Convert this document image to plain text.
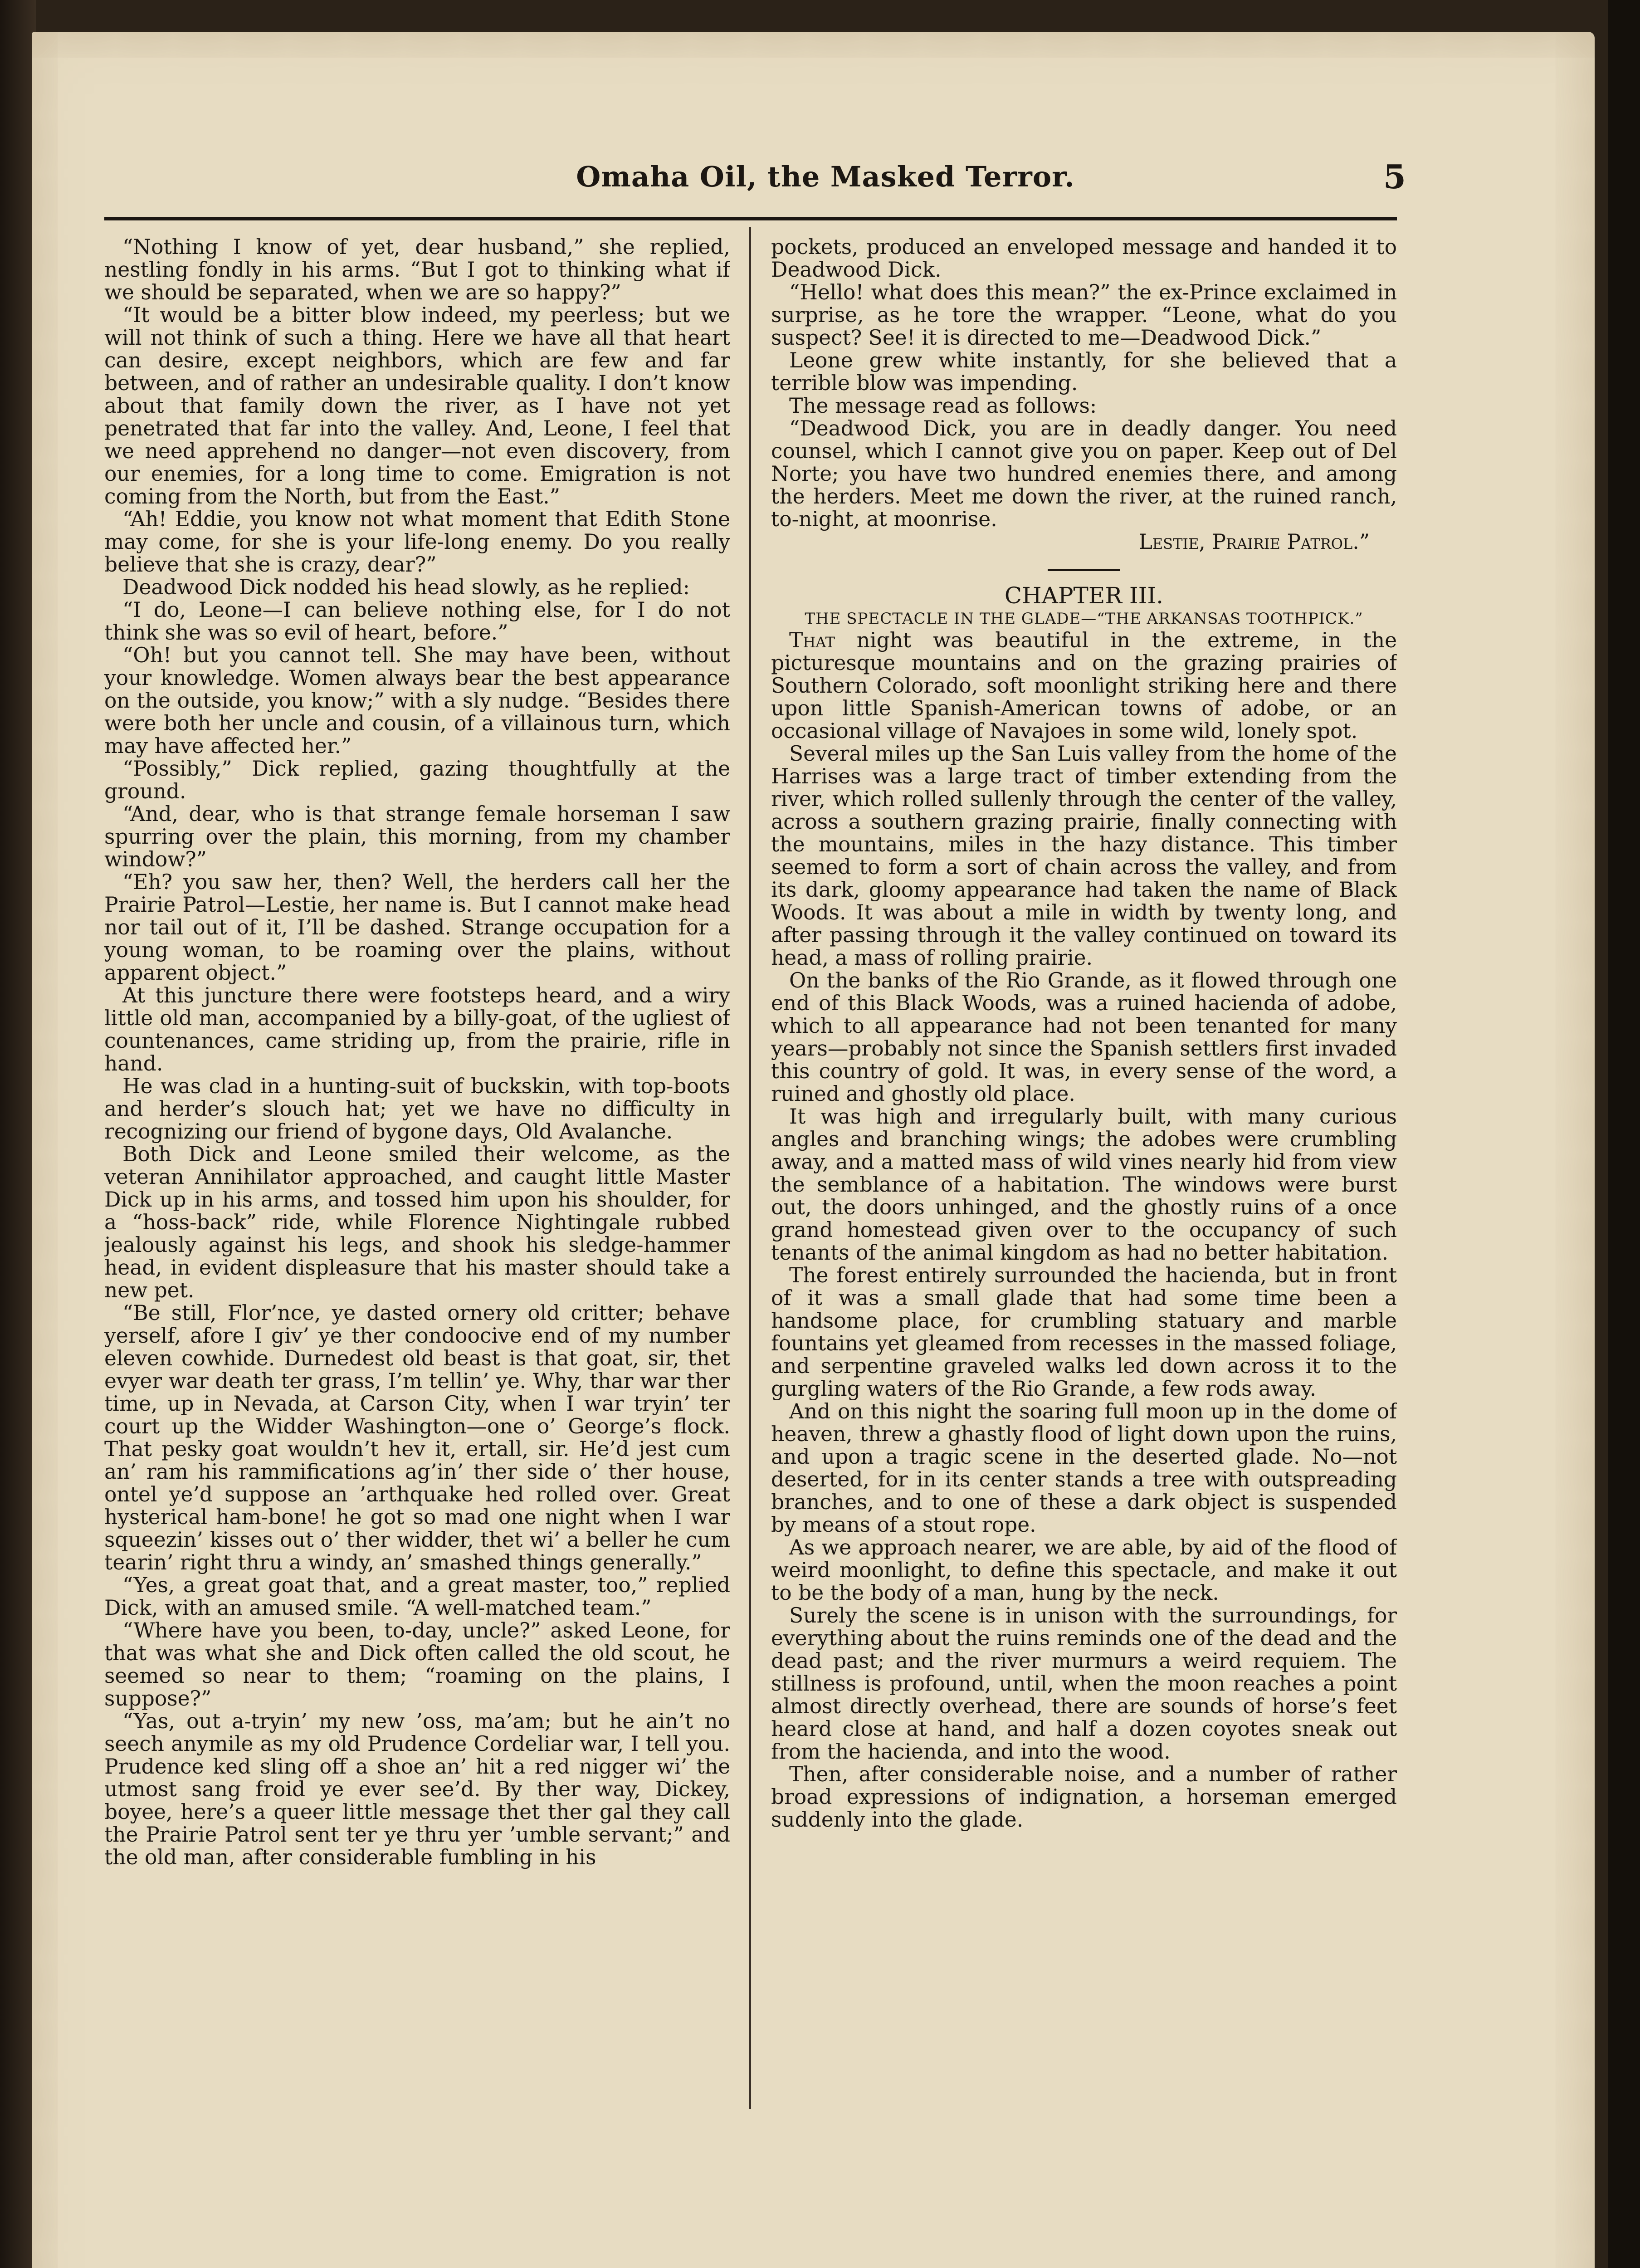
Omaha Oil, the Masked Terror.	5

“Nothing I know of yet, dear husband,” she replied, nestling fondly in his arms. “But I got to thinking what if we should be separated, when we are so happy?”

“It would be a bitter blow indeed, my peerless; but we will not think of such a thing. Here we have all that heart can desire, except neighbors, which are few and far between, and of rather an undesirable quality. I don’t know about that family down the river, as I have not yet penetrated that far into the valley. And, Leone, I feel that we need apprehend no danger—not even discovery, from our enemies, for a long time to come. Emigration is not coming from the North, but from the East.”

“Ah! Eddie, you know not what moment that Edith Stone may come, for she is your life-long enemy. Do you really believe that she is crazy, dear?”

Deadwood Dick nodded his head slowly, as he replied:

“I do, Leone—I can believe nothing else, for I do not think she was so evil of heart, before.”

“Oh! but you cannot tell. She may have been, without your knowledge. Women always bear the best appearance on the outside, you know;” with a sly nudge. “Besides there were both her uncle and cousin, of a villainous turn, which may have affected her.”

“Possibly,” Dick replied, gazing thoughtfully at the ground.

“And, dear, who is that strange female horseman I saw spurring over the plain, this morning, from my chamber window?”

“Eh? you saw her, then? Well, the herders call her the Prairie Patrol—Lestie, her name is. But I cannot make head nor tail out of it, I’ll be dashed. Strange occupation for a young woman, to be roaming over the plains, without apparent object.”

At this juncture there were footsteps heard, and a wiry little old man, accompanied by a billy-goat, of the ugliest of countenances, came striding up, from the prairie, rifle in hand.

He was clad in a hunting-suit of buckskin, with top-boots and herder’s slouch hat; yet we have no difficulty in recognizing our friend of bygone days, Old Avalanche.

Both Dick and Leone smiled their welcome, as the veteran Annihilator approached, and caught little Master Dick up in his arms, and tossed him upon his shoulder, for a “hoss-back” ride, while Florence Nightingale rubbed jealously against his legs, and shook his sledge-hammer head, in evident displeasure that his master should take a new pet.

“Be still, Flor’nce, ye dasted ornery old critter; behave yerself, afore I giv’ ye ther condoocive end of my number eleven cowhide. Durnedest old beast is that goat, sir, thet evyer war death ter grass, I’m tellin’ ye. Why, thar war ther time, up in Nevada, at Carson City, when I war tryin’ ter court up the Widder Washington—one o’ George’s flock. That pesky goat wouldn’t hev it, ertall, sir. He’d jest cum an’ ram his rammifications ag’in’ ther side o’ ther house, ontel ye’d suppose an ’arthquake hed rolled over. Great hysterical ham-bone! he got so mad one night when I war squeezin’ kisses out o’ ther widder, thet wi’ a beller he cum tearin’ right thru a windy, an’ smashed things generally.”

“Yes, a great goat that, and a great master, too,” replied Dick, with an amused smile. “A well-matched team.”

“Where have you been, to-day, uncle?” asked Leone, for that was what she and Dick often called the old scout, he seemed so near to them; “roaming on the plains, I suppose?”

“Yas, out a-tryin’ my new ’oss, ma’am; but he ain’t no seech anymile as my old Prudence Cordeliar war, I tell you. Prudence ked sling off a shoe an’ hit a red nigger wi’ the utmost sang froid ye ever see’d. By ther way, Dickey, boyee, here’s a queer little message thet ther gal they call the Prairie Patrol sent ter ye thru yer ’umble servant;” and the old man, after considerable fumbling in his

pockets, produced an enveloped message and handed it to Deadwood Dick.

“Hello! what does this mean?” the ex-Prince exclaimed in surprise, as he tore the wrapper. “Leone, what do you suspect? See! it is directed to me—Deadwood Dick.”

Leone grew white instantly, for she believed that a terrible blow was impending.

The message read as follows:

“Deadwood Dick, you are in deadly danger. You need counsel, which I cannot give you on paper. Keep out of Del Norte; you have two hundred enemies there, and among the herders. Meet me down the river, at the ruined ranch, to-night, at moonrise.

Lestie, Prairie Patrol.”

CHAPTER III.

THE SPECTACLE IN THE GLADE—“THE ARKANSAS TOOTHPICK.”

That night was beautiful in the extreme, in the picturesque mountains and on the grazing prairies of Southern Colorado, soft moonlight striking here and there upon little Spanish-American towns of adobe, or an occasional village of Navajoes in some wild, lonely spot.

Several miles up the San Luis valley from the home of the Harrises was a large tract of timber extending from the river, which rolled sullenly through the center of the valley, across a southern grazing prairie, finally connecting with the mountains, miles in the hazy distance. This timber seemed to form a sort of chain across the valley, and from its dark, gloomy appearance had taken the name of Black Woods. It was about a mile in width by twenty long, and after passing through it the valley continued on toward its head, a mass of rolling prairie.

On the banks of the Rio Grande, as it flowed through one end of this Black Woods, was a ruined hacienda of adobe, which to all appearance had not been tenanted for many years—probably not since the Spanish settlers first invaded this country of gold. It was, in every sense of the word, a ruined and ghostly old place.

It was high and irregularly built, with many curious angles and branching wings; the adobes were crumbling away, and a matted mass of wild vines nearly hid from view the semblance of a habitation. The windows were burst out, the doors unhinged, and the ghostly ruins of a once grand homestead given over to the occupancy of such tenants of the animal kingdom as had no better habitation.

The forest entirely surrounded the hacienda, but in front of it was a small glade that had some time been a handsome place, for crumbling statuary and marble fountains yet gleamed from recesses in the massed foliage, and serpentine graveled walks led down across it to the gurgling waters of the Rio Grande, a few rods away.

And on this night the soaring full moon up in the dome of heaven, threw a ghastly flood of light down upon the ruins, and upon a tragic scene in the deserted glade. No—not deserted, for in its center stands a tree with outspreading branches, and to one of these a dark object is suspended by means of a stout rope.

As we approach nearer, we are able, by aid of the flood of weird moonlight, to define this spectacle, and make it out to be the body of a man, hung by the neck.

Surely the scene is in unison with the surroundings, for everything about the ruins reminds one of the dead and the dead past; and the river murmurs a weird requiem. The stillness is profound, until, when the moon reaches a point almost directly overhead, there are sounds of horse’s feet heard close at hand, and half a dozen coyotes sneak out from the hacienda, and into the wood.

Then, after considerable noise, and a number of rather broad expressions of indignation, a horseman emerged suddenly into the glade.
